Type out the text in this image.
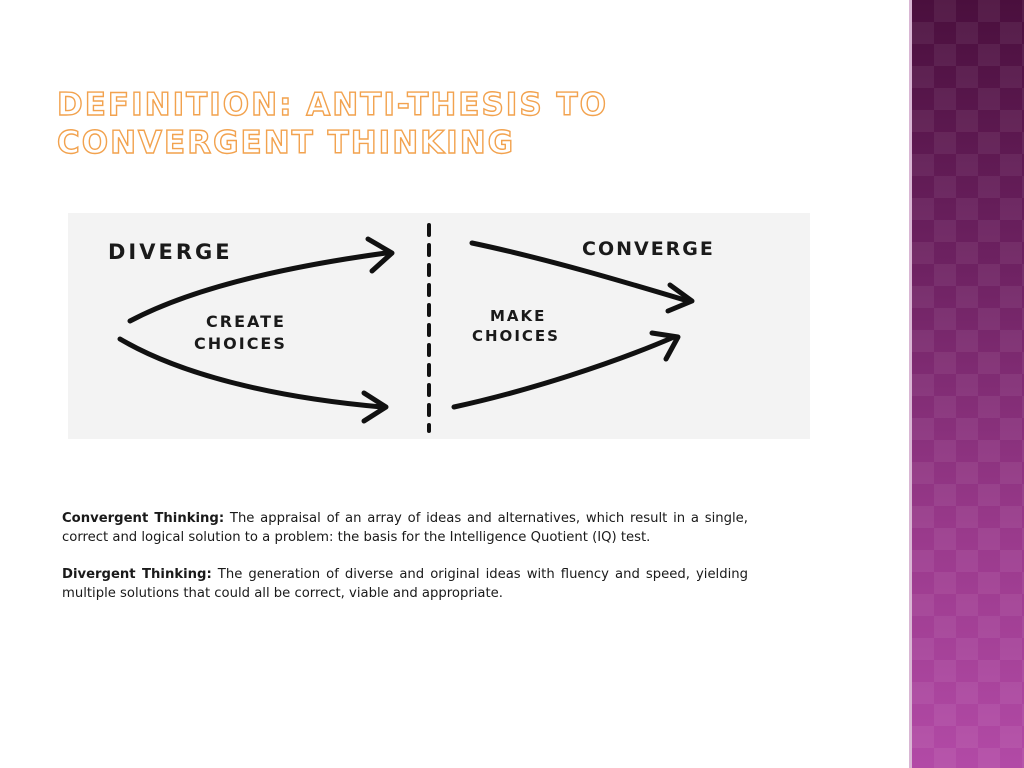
DEFINITION: ANTI-THESIS TO CONVERGENT THINKING
DIVERGE
CREATE
CHOICES
CONVERGE
MAKE
CHOICES

Convergent Thinking: The appraisal of an array of ideas and alternatives, which result in a single, correct and logical solution to a problem: the basis for the Intelligence Quotient (IQ) test.

Divergent Thinking: The generation of diverse and original ideas with fluency and speed, yielding multiple solutions that could all be correct, viable and appropriate.
